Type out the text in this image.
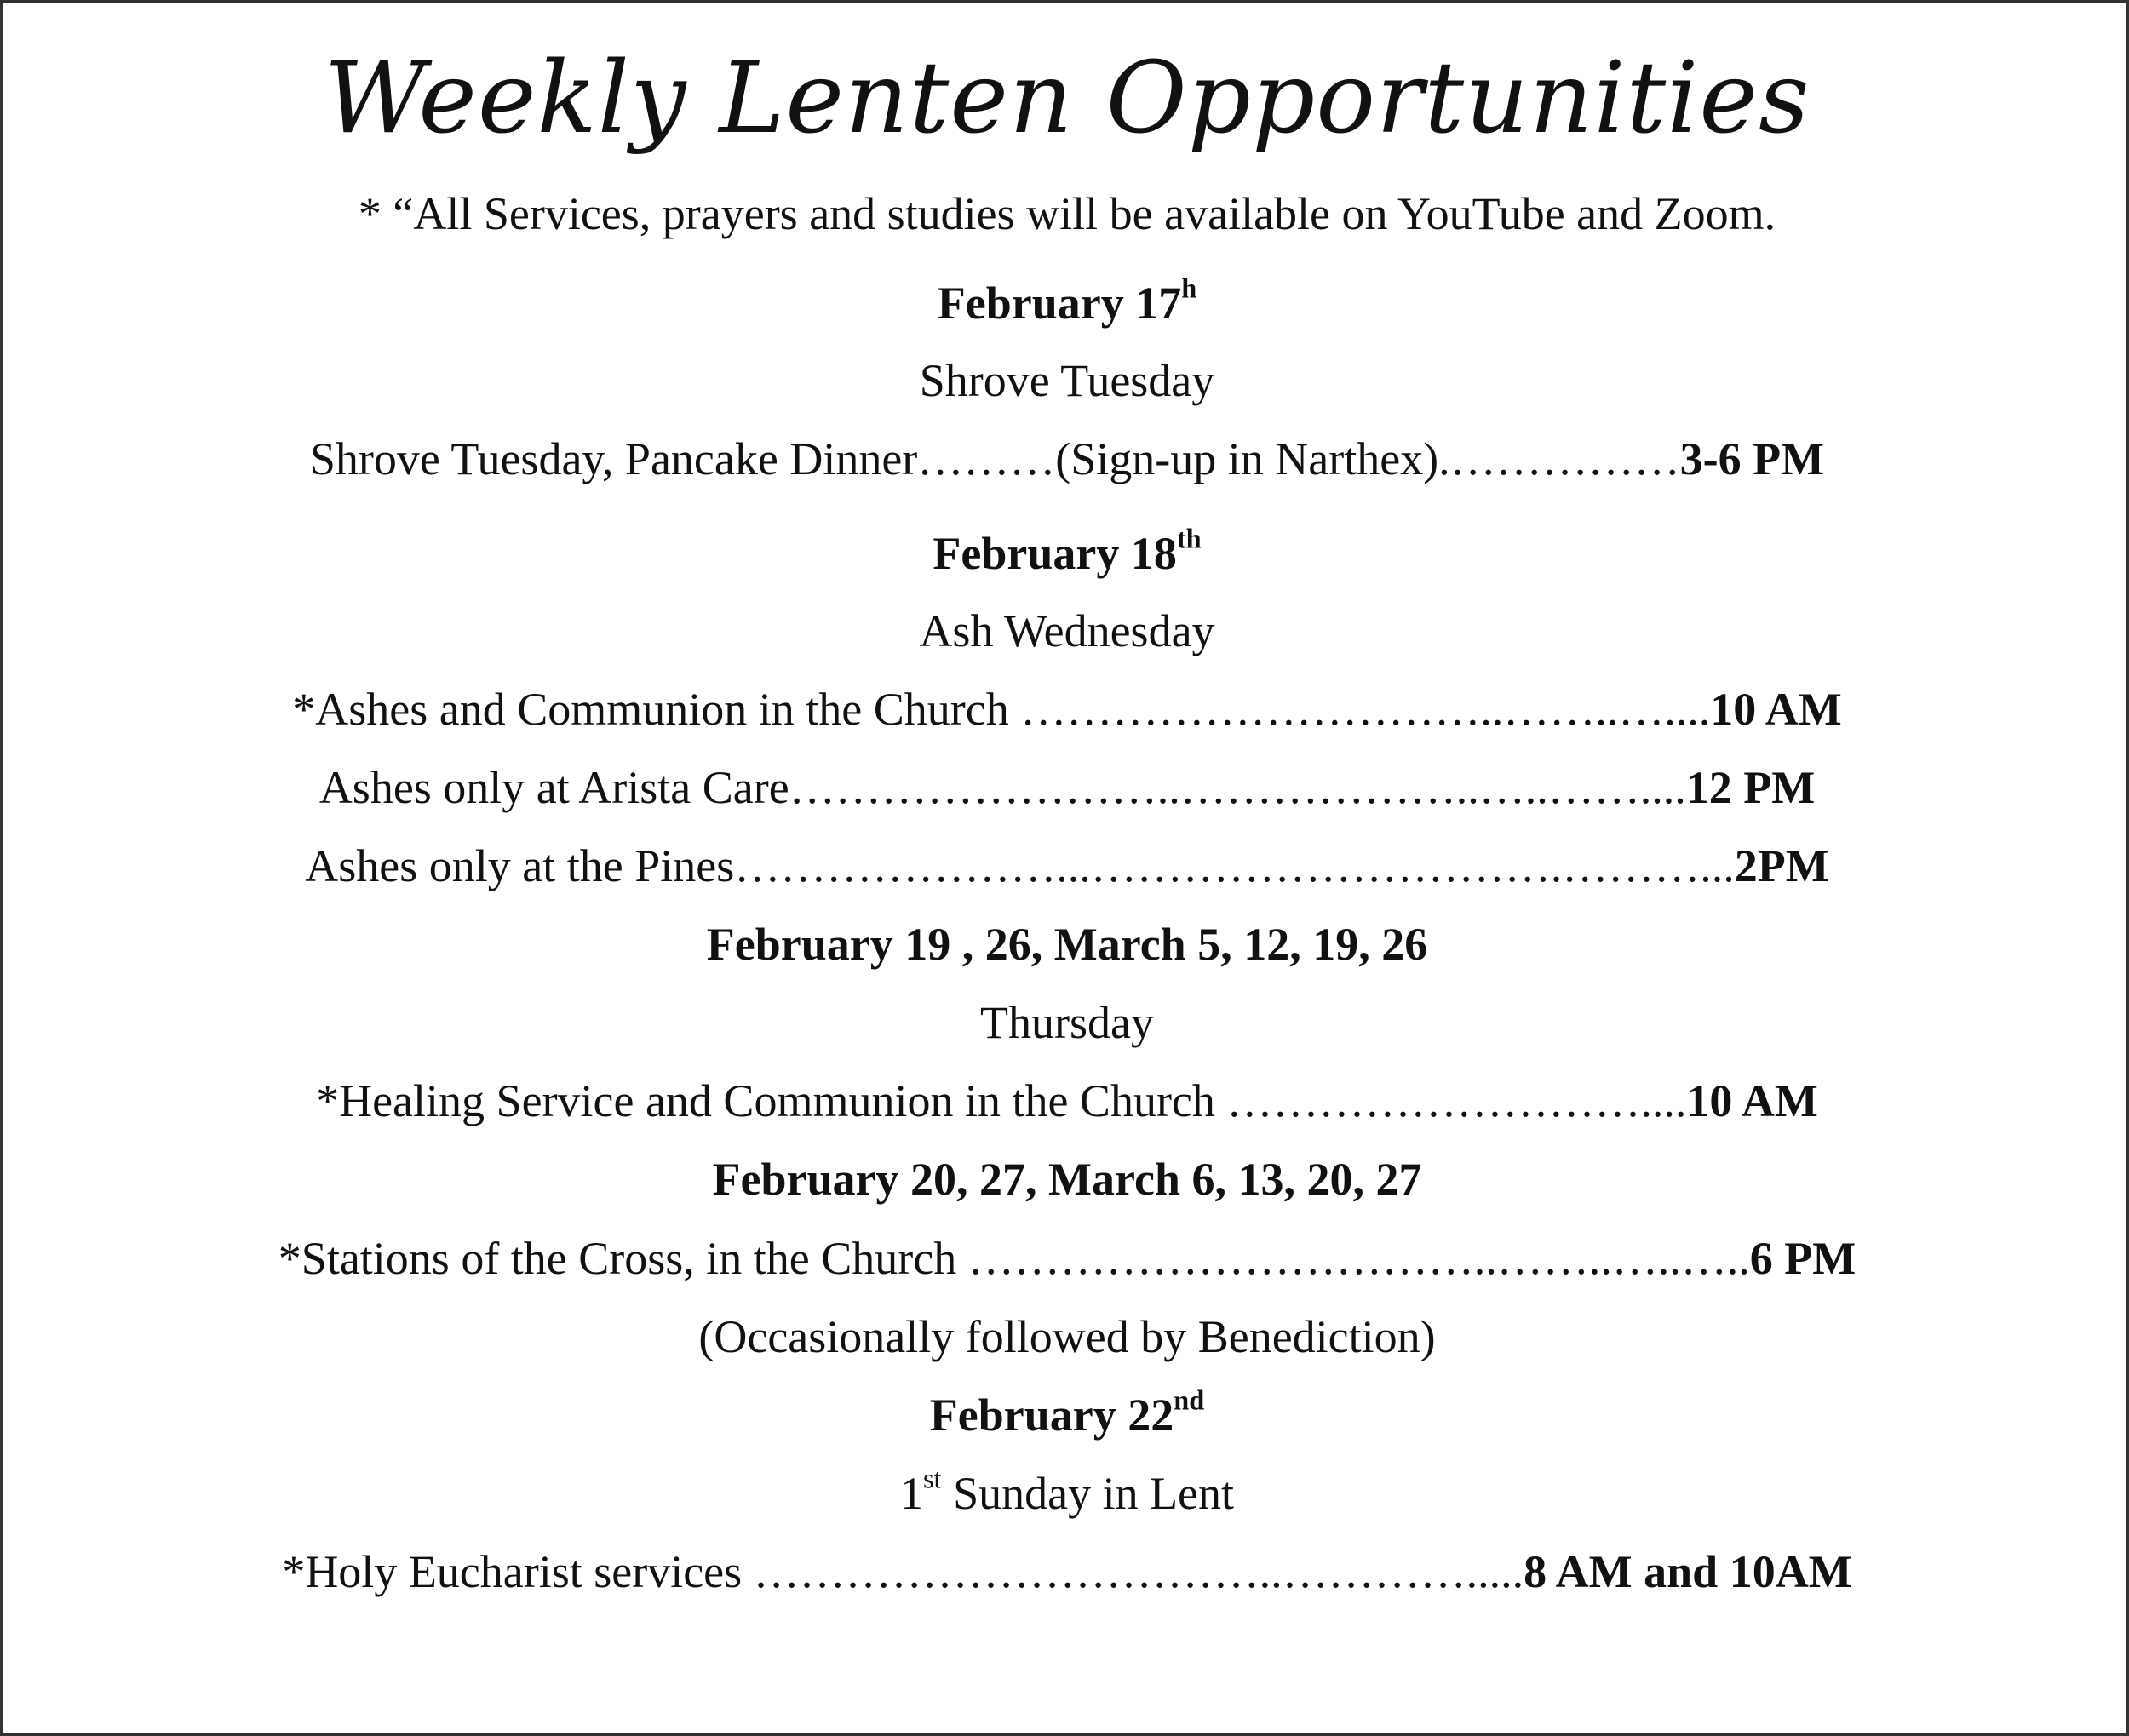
Weekly Lenten Opportunities
* “All Services, prayers and studies will be available on YouTube and Zoom.
February 17$^h$
Shrove Tuesday
Shrove Tuesday, Pancake Dinner………(Sign-up in Narthex).……………3-6 PM
February 18th
Ash Wednesday
*Ashes and Communion in the Church …………………………..……..…....10 AM
Ashes only at Arista Care……………………..………………..…..……....12 PM
Ashes only at the Pines…………………...………………………….………...2PM
February 19 , 26, March 5, 12, 19, 26
Thursday
*Healing Service and Communion in the Church ………………………....10 AM
February 20, 27, March 6, 13, 20, 27
*Stations of the Cross, in the Church ……………………………..……..…..…..6 PM
(Occasionally followed by Benediction)
February 22nd
1st Sunday in Lent
*Holy Eucharist services ……………………………..………….....8 AM and 10AM
